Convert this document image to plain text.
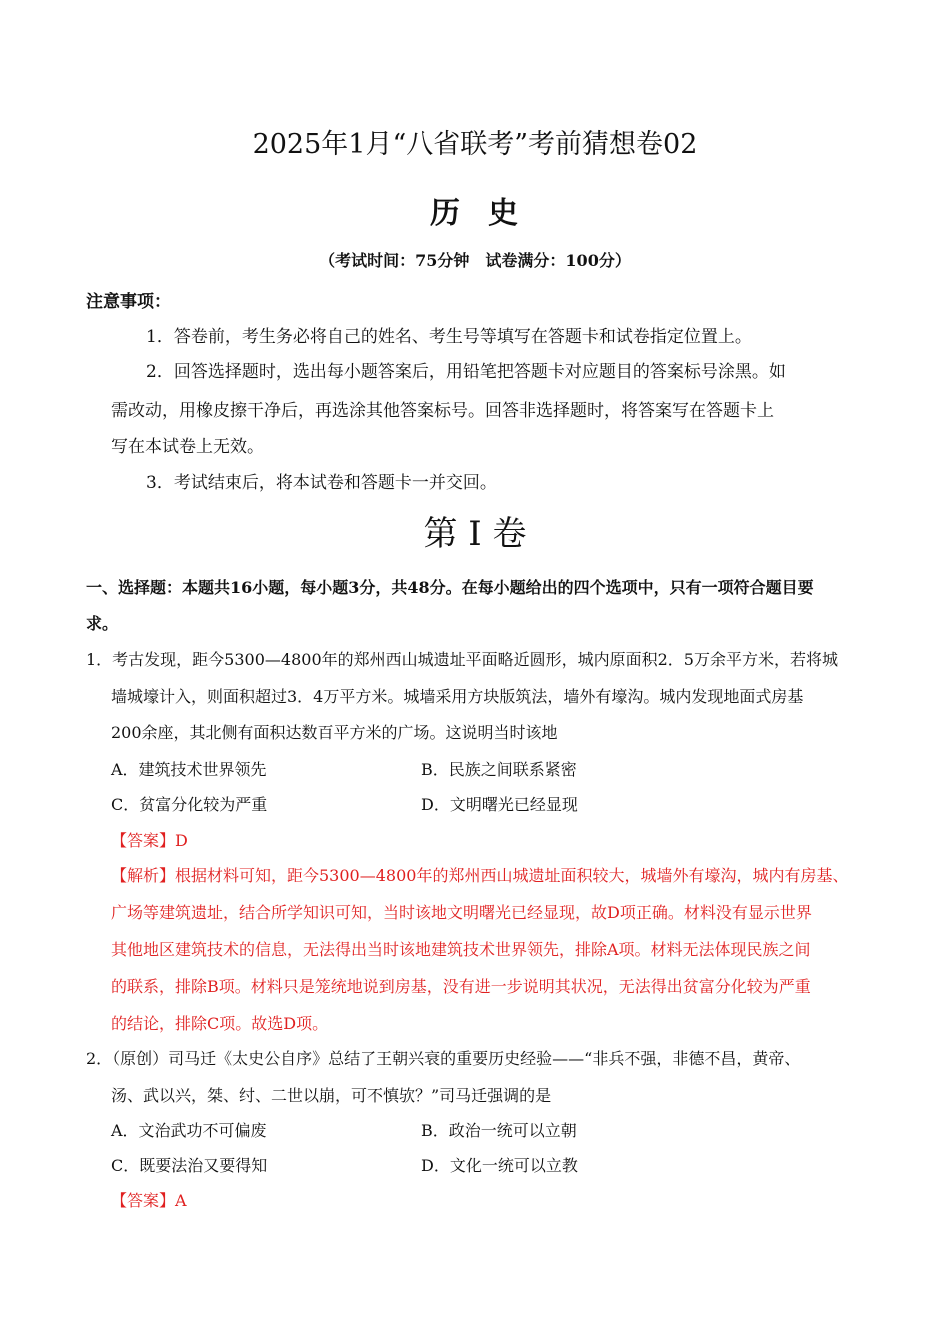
2025年1月“八省联考”考前猜想卷02
历 史
（考试时间：75分钟　试卷满分：100分）
注意事项：
1．答卷前，考生务必将自己的姓名、考生号等填写在答题卡和试卷指定位置上。
2．回答选择题时，选出每小题答案后，用铅笔把答题卡对应题目的答案标号涂黑。如
需改动，用橡皮擦干净后，再选涂其他答案标号。回答非选择题时，将答案写在答题卡上
写在本试卷上无效。
3．考试结束后，将本试卷和答题卡一并交回。
第 I 卷
一、选择题：本题共16小题，每小题3分，共48分。在每小题给出的四个选项中，只有一项符合题目要
求。
1．考古发现，距今5300—4800年的郑州西山城遗址平面略近圆形，城内原面积2．5万余平方米，若将城
墙城壕计入，则面积超过3．4万平方米。城墙采用方块版筑法，墙外有壕沟。城内发现地面式房基
200余座，其北侧有面积达数百平方米的广场。这说明当时该地
A．建筑技术世界领先	B．民族之间联系紧密
C．贫富分化较为严重	D．文明曙光已经显现
【答案】D
【解析】根据材料可知，距今5300—4800年的郑州西山城遗址面积较大，城墙外有壕沟，城内有房基、
广场等建筑遗址，结合所学知识可知，当时该地文明曙光已经显现，故D项正确。材料没有显示世界
其他地区建筑技术的信息，无法得出当时该地建筑技术世界领先，排除A项。材料无法体现民族之间
的联系，排除B项。材料只是笼统地说到房基，没有进一步说明其状况，无法得出贫富分化较为严重
的结论，排除C项。故选D项。
2．（原创）司马迁《太史公自序》总结了王朝兴衰的重要历史经验——“非兵不强，非德不昌，黄帝、
汤、武以兴，桀、纣、二世以崩，可不慎欤？”司马迁强调的是
A．文治武功不可偏废	B．政治一统可以立朝
C．既要法治又要得知	D．文化一统可以立教
【答案】A
